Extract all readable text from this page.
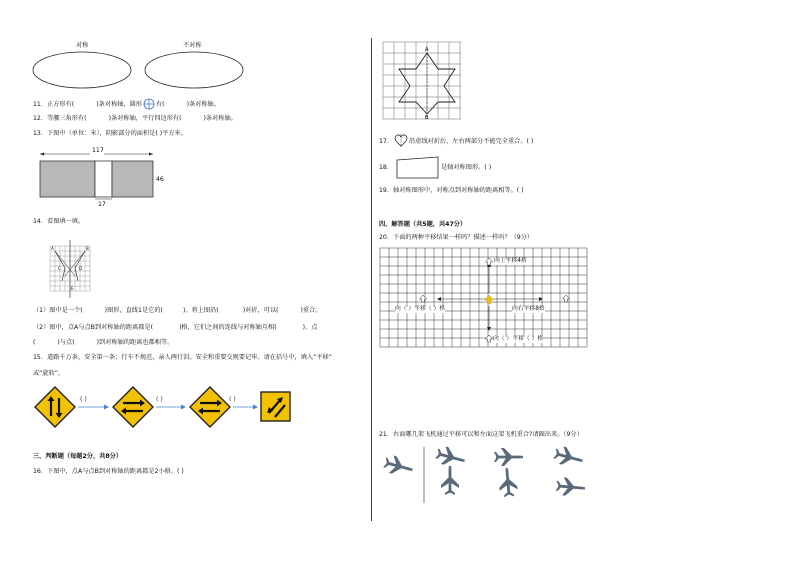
对称	不对称
11．正方形有(	)条对称轴，圆形 有(	)条对称轴。
12．等腰三角形有(	)条对称轴，平行四边形有(	)条对称轴。
13．下图中（单位：米），阴影部分的面积是( )平方米。
117
46
17
14．看图填一填。
A	B
C	D
E
（1）图中是一个(	)图形，直线1是它的(	)。将上图沿(	)对折，可以(	)重合。
（2）图中，点A与点B到对称轴的距离都是(	)格，它们之间的连线与对称轴互相(	)。点
(	)与点(	)到对称轴的距离也都相等。
15．道路千万条，安全第一条；行车不规范，亲人两行泪。安全和重要交规要记牢。请在括号中，填入“平移”
或“旋转”。
( )	( )	( )
三、判断题（每题2分，共8分）
16．下图中，点A与点B到对称轴的距离都是2小格。( )
A
B
17．	沿虚线对折后，左右两部分不能完全重合。( )
18．	是轴对称图形。( )
19．轴对称图形中，对称点到对称轴的距离相等。( )
四、解答题（共5题，共47分）
20．下面的两种平移结果一样吗？描述一样吗？（9分）
向上平移4格
向（ ）平移（ ）格	向右平移8格
向（ ）平移（ ）格
21．右面哪几架飞机通过平移可以和左面这架飞机重合?请圈出来。（9分）
